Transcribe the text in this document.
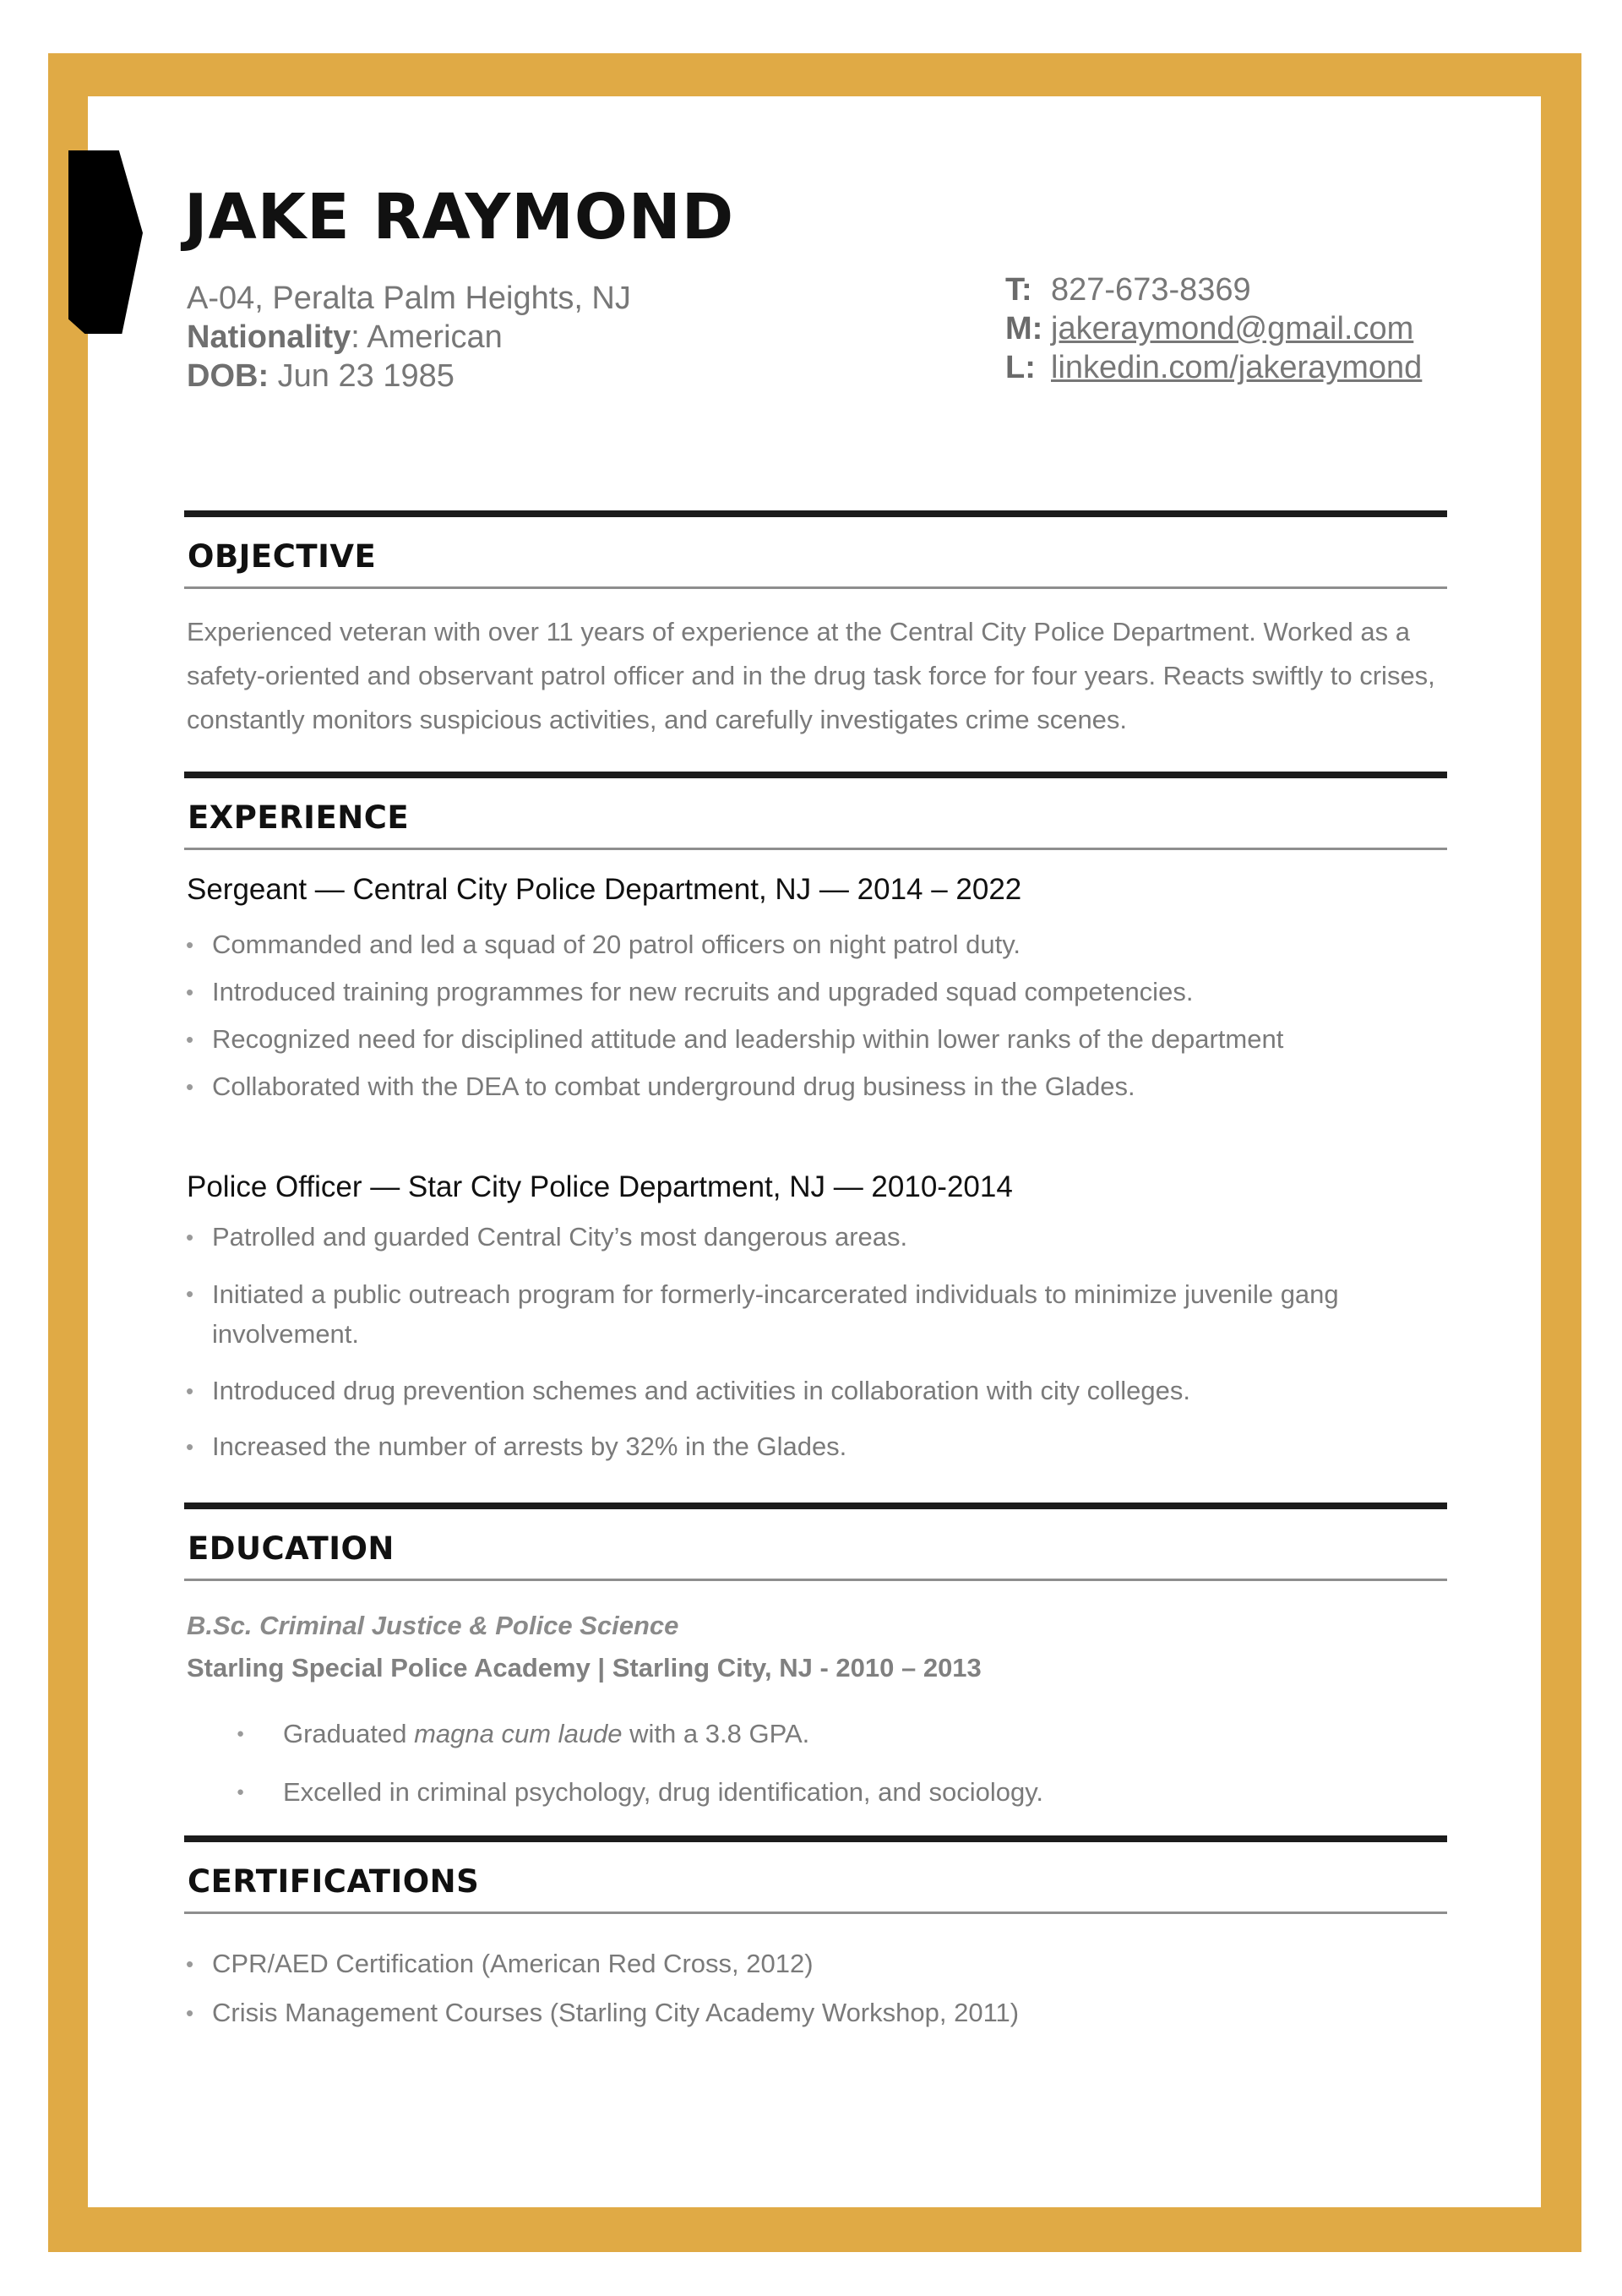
JAKE RAYMOND
A-04, Peralta Palm Heights, NJ
Nationality: American
DOB: Jun 23 1985
T: 827-673-8369
M: jakeraymond@gmail.com
L: linkedin.com/jakeraymond
OBJECTIVE
Experienced veteran with over 11 years of experience at the Central City Police Department. Worked as a safety-oriented and observant patrol officer and in the drug task force for four years. Reacts swiftly to crises, constantly monitors suspicious activities, and carefully investigates crime scenes.
EXPERIENCE
Sergeant — Central City Police Department, NJ — 2014 – 2022
• Commanded and led a squad of 20 patrol officers on night patrol duty.
• Introduced training programmes for new recruits and upgraded squad competencies.
• Recognized need for disciplined attitude and leadership within lower ranks of the department
• Collaborated with the DEA to combat underground drug business in the Glades.
Police Officer — Star City Police Department, NJ — 2010-2014
• Patrolled and guarded Central City’s most dangerous areas.
• Initiated a public outreach program for formerly-incarcerated individuals to minimize juvenile gang involvement.
• Introduced drug prevention schemes and activities in collaboration with city colleges.
• Increased the number of arrests by 32% in the Glades.
EDUCATION
B.Sc. Criminal Justice & Police Science
Starling Special Police Academy | Starling City, NJ - 2010 – 2013
● Graduated magna cum laude with a 3.8 GPA.
● Excelled in criminal psychology, drug identification, and sociology.
CERTIFICATIONS
• CPR/AED Certification (American Red Cross, 2012)
• Crisis Management Courses (Starling City Academy Workshop, 2011)
